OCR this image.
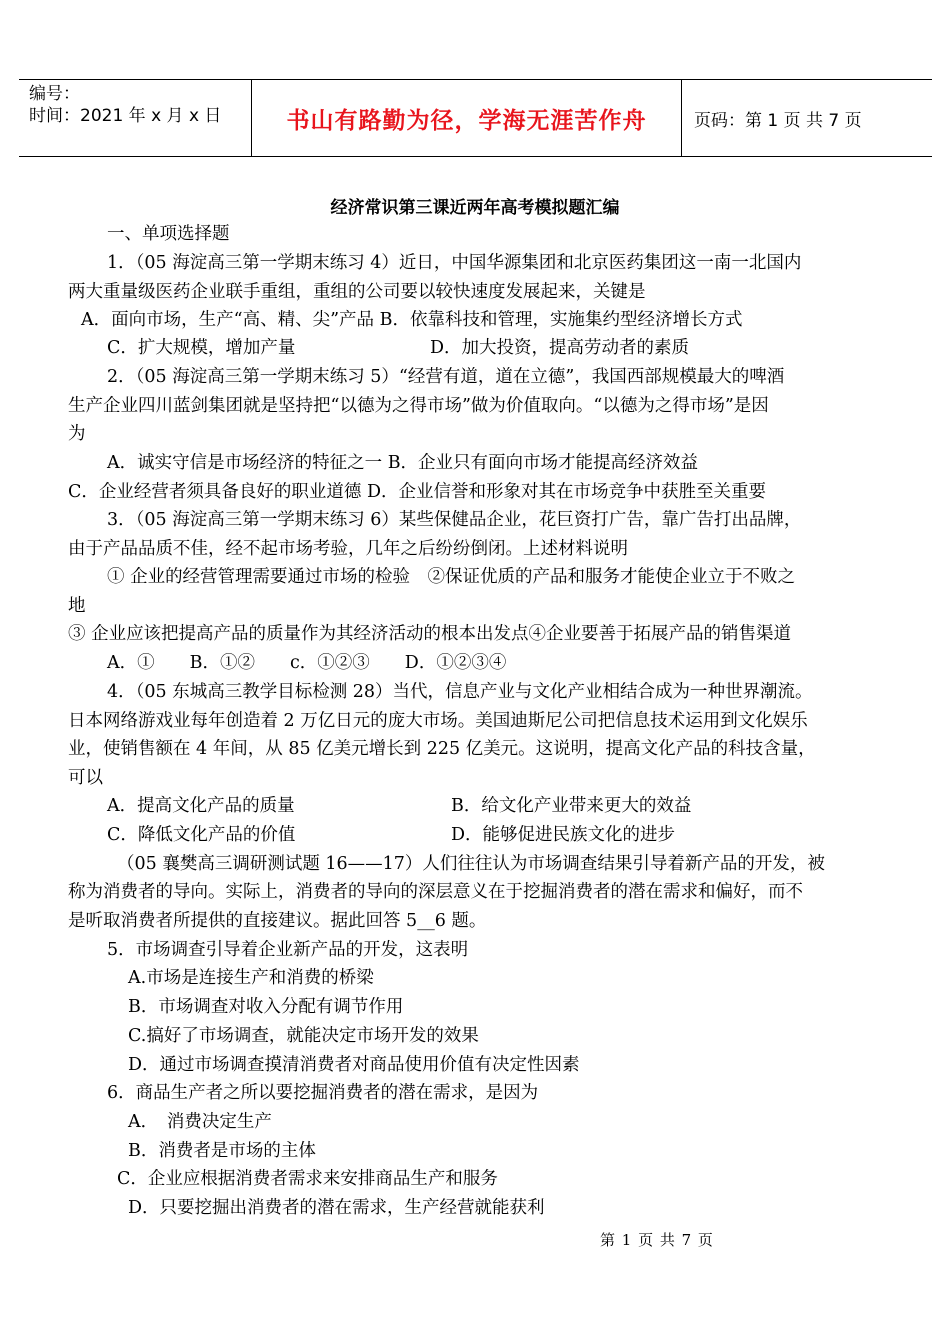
编号：
时间：2021 年 x 月 x 日	书山有路勤为径，学海无涯苦作舟	页码：第 1 页 共 7 页
经济常识第三课近两年高考模拟题汇编
一、单项选择题
1．（05 海淀高三第一学期末练习 4）近日，中国华源集团和北京医药集团这一南一北国内
两大重量级医药企业联手重组，重组的公司要以较快速度发展起来，关键是
A．面向市场，生产“高、精、尖”产品 B．依靠科技和管理，实施集约型经济增长方式
C．扩大规模，增加产量	D．加大投资，提高劳动者的素质
2．（05 海淀高三第一学期末练习 5）“经营有道，道在立德”，我国西部规模最大的啤酒
生产企业四川蓝剑集团就是坚持把“以德为之得市场”做为价值取向。“以德为之得市场”是因
为
A．诚实守信是市场经济的特征之一 B．企业只有面向市场才能提高经济效益
C．企业经营者须具备良好的职业道德 D．企业信誉和形象对其在市场竞争中获胜至关重要
3．（05 海淀高三第一学期末练习 6）某些保健品企业，花巨资打广告，靠广告打出品牌，
由于产品品质不佳，经不起市场考验，几年之后纷纷倒闭。上述材料说明
① 企业的经营管理需要通过市场的检验　②保证优质的产品和服务才能使企业立于不败之
地
③ 企业应该把提高产品的质量作为其经济活动的根本出发点④企业要善于拓展产品的销售渠道
A．①　　B．①②　　c．①②③　　D．①②③④
4．（05 东城高三教学目标检测 28）当代，信息产业与文化产业相结合成为一种世界潮流。
日本网络游戏业每年创造着 2 万亿日元的庞大市场。美国迪斯尼公司把信息技术运用到文化娱乐
业，使销售额在 4 年间，从 85 亿美元增长到 225 亿美元。这说明，提高文化产品的科技含量，
可以
A．提高文化产品的质量	B．给文化产业带来更大的效益
C．降低文化产品的价值	D．能够促进民族文化的进步
（05 襄樊高三调研测试题 16——17）人们往往认为市场调查结果引导着新产品的开发，被
称为消费者的导向。实际上，消费者的导向的深层意义在于挖掘消费者的潜在需求和偏好，而不
是听取消费者所提供的直接建议。据此回答 5__6 题。
5．市场调查引导着企业新产品的开发，这表明
A.市场是连接生产和消费的桥梁
B．市场调查对收入分配有调节作用
C.搞好了市场调查，就能决定市场开发的效果
D．通过市场调查摸清消费者对商品使用价值有决定性因素
6．商品生产者之所以要挖掘消费者的潜在需求，是因为
A．　消费决定生产
B．消费者是市场的主体
C．企业应根据消费者需求来安排商品生产和服务
D．只要挖掘出消费者的潜在需求，生产经营就能获利
第 1 页 共 7 页
